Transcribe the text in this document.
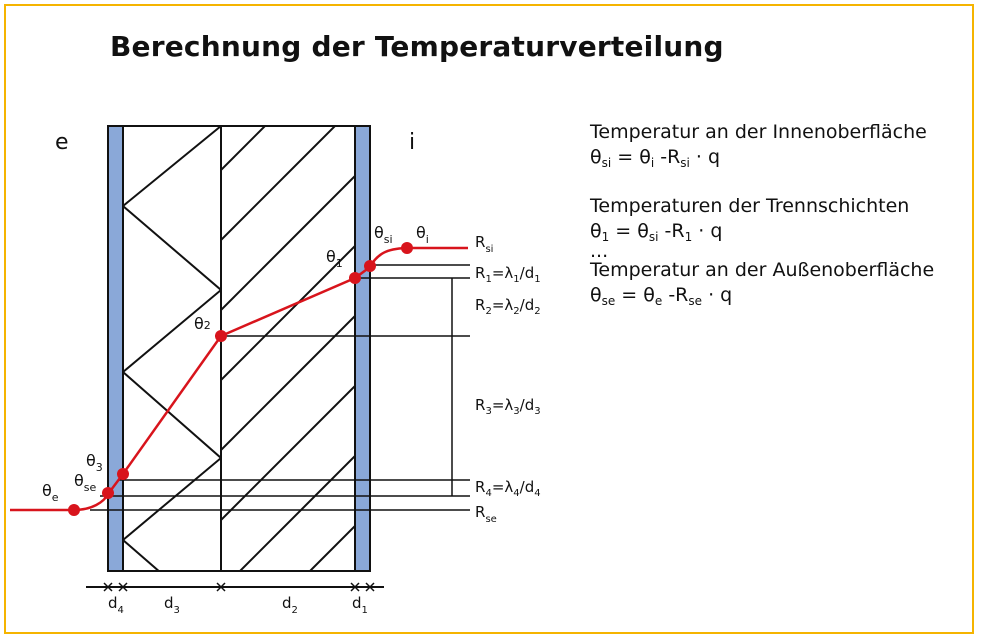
Berechnung der Temperaturverteilung
Temperatur an der Innenoberfläche
$\theta_{si} = \theta_i$ $-R_{si} \cdot q$
Temperaturen der Trennschichten
$\theta_1 = \theta_{si}$ $-R_1 \cdot q$
...
Temperatur an der Außenoberfläche
$\theta_{se} = \theta_e$ $-R_{se} \cdot q$
e	i
$\theta_i$
$\theta_{si}$
$\theta_1$
θ2
$\theta_3$
$\theta_{se}$
$\theta_e$
$R_{si}$
$R_1=\lambda_1/d_1$
$R_2=\lambda_2/d_2$
$R_3=\lambda_3/d_3$
$R_4=\lambda_4/d_4$
$R_{se}$
$d_4$	$d_3$	$d_2$	$d_1$
